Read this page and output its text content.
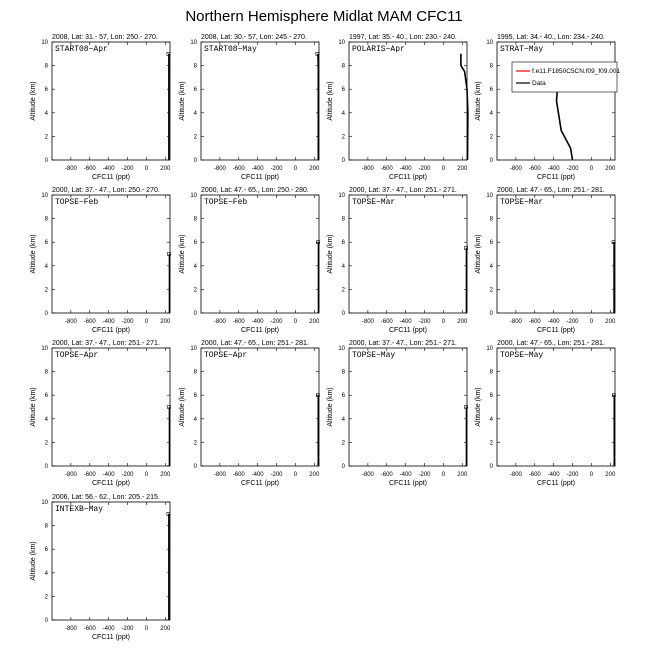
Northern Hemisphere Midlat MAM CFC11
2008, Lat: 31.- 57, Lon: 250.- 270.
-800 -600 -400 -200 0 200
0
2
4
6
8
10
CFC11 (ppt)
Altitude (km)
START08−Apr
2008, Lat: 30.- 57, Lon: 245.- 270.
-800 -600 -400 -200 0 200
0
2
4
6
8
10
CFC11 (ppt)
Altitude (km)
START08−May
1997, Lat: 35.- 40., Lon: 230.- 240.
-800 -600 -400 -200 0 200
0
2
4
6
8
10
CFC11 (ppt)
Altitude (km)
POLARIS−Apr
1995, Lat: 34.- 40., Lon: 234.- 240.
-800 -600 -400 -200 0 200
0
2
4
6
8
10
CFC11 (ppt)
Altitude (km)
STRAT−May
f.e11.F1850C5CN.f09_f09.001
Data
2000, Lat: 37.- 47., Lon: 250.- 270.
-800 -600 -400 -200 0 200
0
2
4
6
8
10
CFC11 (ppt)
Altitude (km)
TOPSE−Feb
2000, Lat: 47.- 65., Lon: 250.- 280.
-800 -600 -400 -200 0 200
0
2
4
6
8
10
CFC11 (ppt)
Altitude (km)
TOPSE−Feb
2000, Lat: 37.- 47., Lon: 251.- 271.
-800 -600 -400 -200 0 200
0
2
4
6
8
10
CFC11 (ppt)
Altitude (km)
TOPSE−Mar
2000, Lat: 47.- 65., Lon: 251.- 281.
-800 -600 -400 -200 0 200
0
2
4
6
8
10
CFC11 (ppt)
Altitude (km)
TOPSE−Mar
2000, Lat: 37.- 47., Lon: 251.- 271.
-800 -600 -400 -200 0 200
0
2
4
6
8
10
CFC11 (ppt)
Altitude (km)
TOPSE−Apr
2000, Lat: 47.- 65., Lon: 251.- 281.
-800 -600 -400 -200 0 200
0
2
4
6
8
10
CFC11 (ppt)
Altitude (km)
TOPSE−Apr
2000, Lat: 37.- 47., Lon: 251.- 271.
-800 -600 -400 -200 0 200
0
2
4
6
8
10
CFC11 (ppt)
Altitude (km)
TOPSE−May
2000, Lat: 47.- 65., Lon: 251.- 281.
-800 -600 -400 -200 0 200
0
2
4
6
8
10
CFC11 (ppt)
Altitude (km)
TOPSE−May
2006, Lat: 56.- 62., Lon: 205.- 215.
-800 -600 -400 -200 0 200
0
2
4
6
8
10
CFC11 (ppt)
Altitude (km)
INTEXB−May
